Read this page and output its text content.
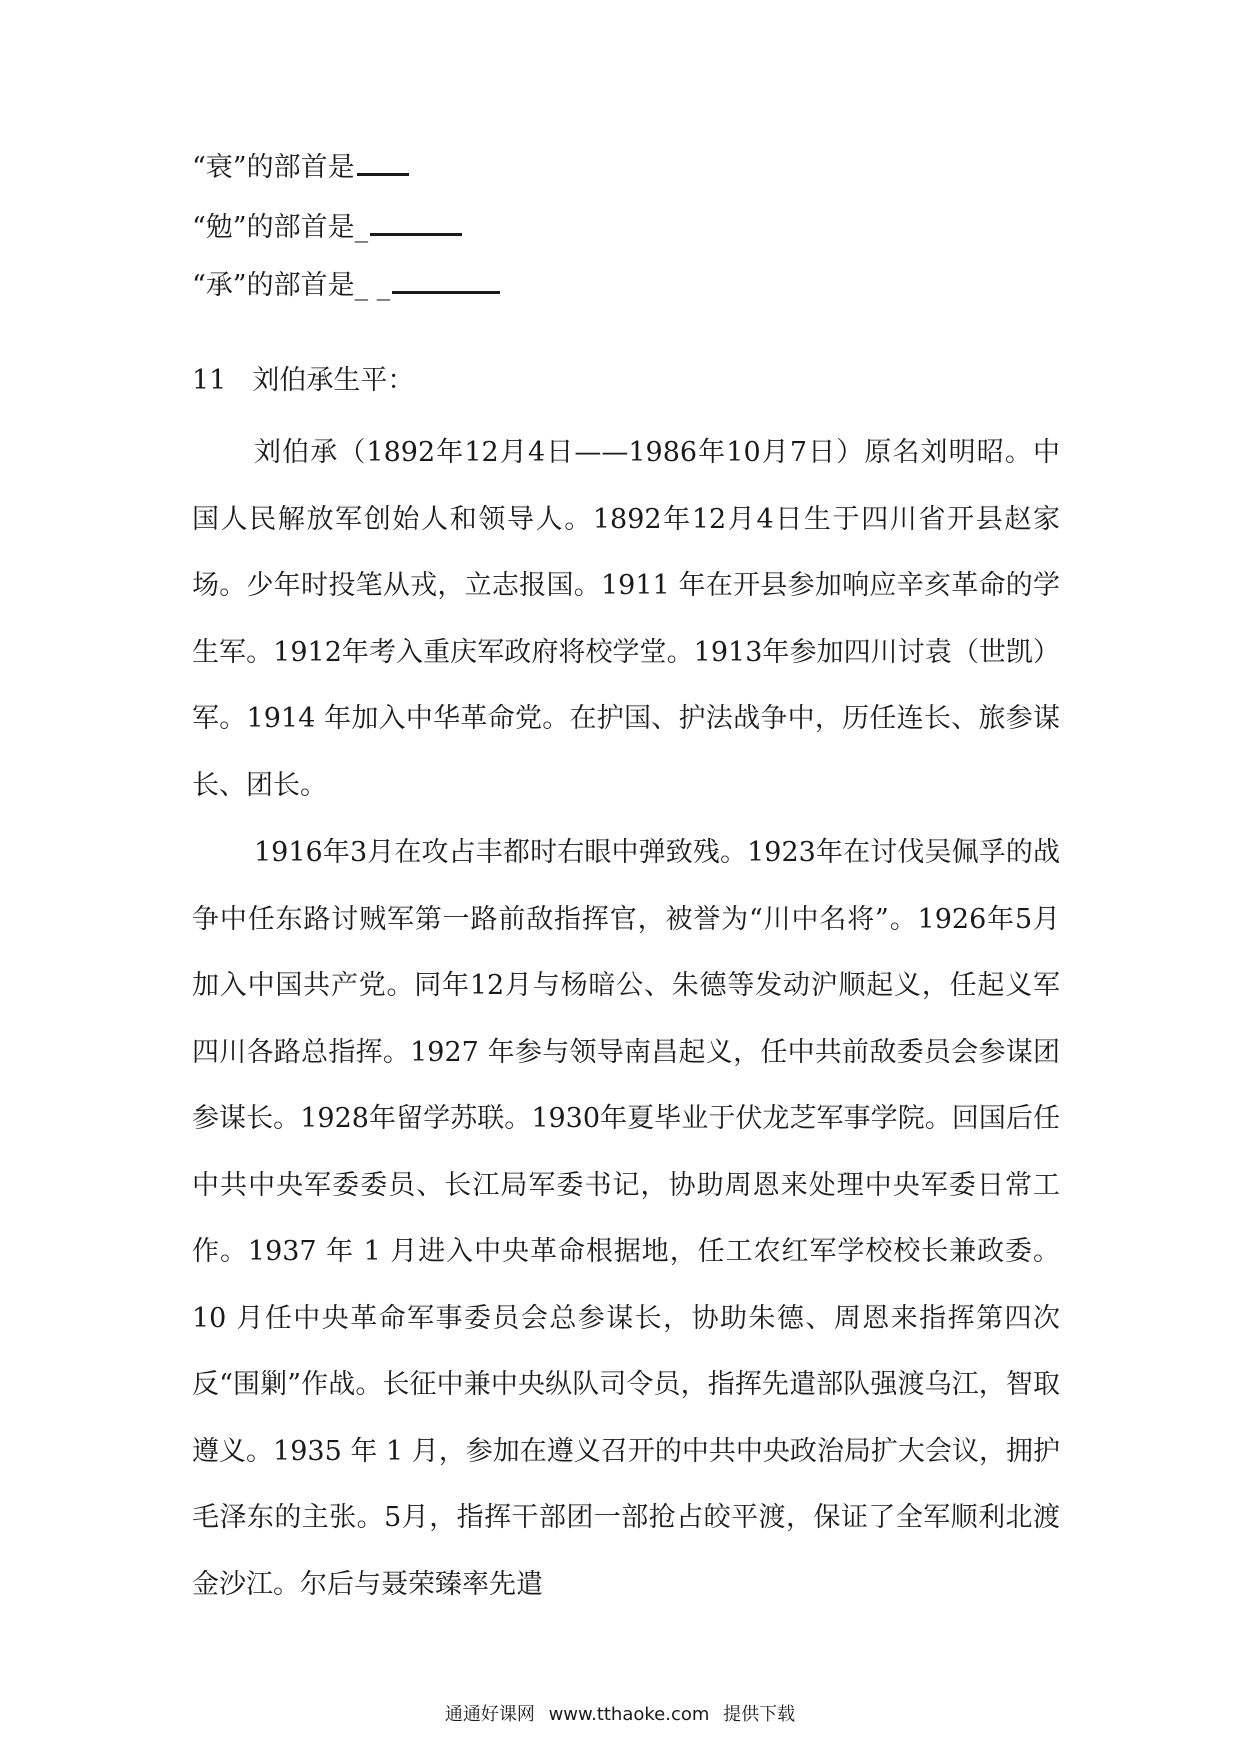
“衰”的部首是
“勉”的部首是_
“承”的部首是_ _
11 刘伯承生平：

刘伯承（1892年12月4日——1986年10月7日）原名刘明昭。中国人民解放军创始人和领导人。1892年12月4日生于四川省开县赵家场。少年时投笔从戎，立志报国。1911 年在开县参加响应辛亥革命的学生军。1912年考入重庆军政府将校学堂。1913年参加四川讨袁（世凯）军。1914 年加入中华革命党。在护国、护法战争中，历任连长、旅参谋长、团长。

1916年3月在攻占丰都时右眼中弹致残。1923年在讨伐吴佩孚的战争中任东路讨贼军第一路前敌指挥官，被誉为“川中名将”。1926年5月加入中国共产党。同年12月与杨暗公、朱德等发动沪顺起义，任起义军四川各路总指挥。1927 年参与领导南昌起义，任中共前敌委员会参谋团参谋长。1928年留学苏联。1930年夏毕业于伏龙芝军事学院。回国后任中共中央军委委员、长江局军委书记，协助周恩来处理中央军委日常工作。1937 年 1 月进入中央革命根据地，任工农红军学校校长兼政委。10 月任中央革命军事委员会总参谋长，协助朱德、周恩来指挥第四次反“围剿”作战。长征中兼中央纵队司令员，指挥先遣部队强渡乌江，智取遵义。1935 年 1 月，参加在遵义召开的中共中央政治局扩大会议，拥护毛泽东的主张。5月，指挥干部团一部抢占皎平渡，保证了全军顺利北渡金沙江。尔后与聂荣臻率先遣

通通好课网 www.tthaoke.com 提供下载
